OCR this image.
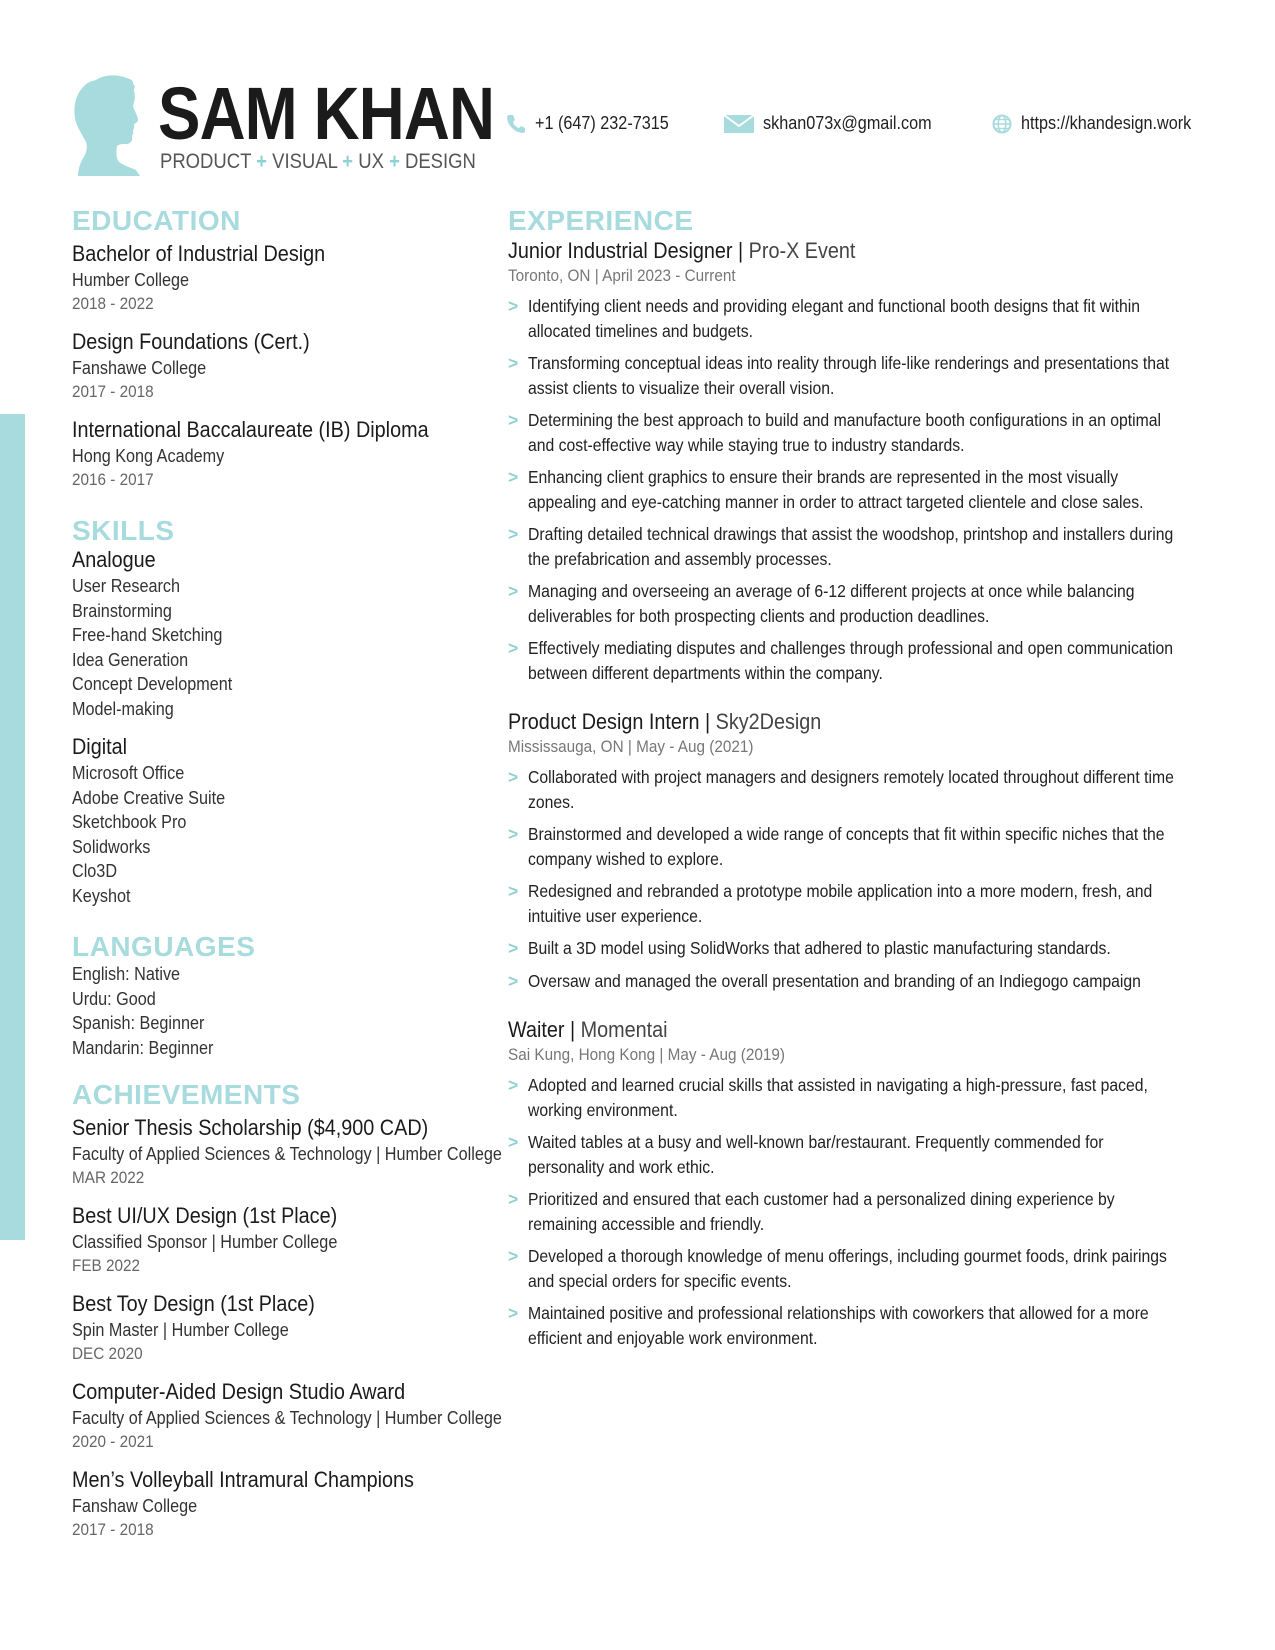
SAM KHAN
PRODUCT + VISUAL + UX + DESIGN
+1 (647) 232-7315	skhan073x@gmail.com	https://khandesign.work
EDUCATION
Bachelor of Industrial Design
Humber College
2018 - 2022
Design Foundations (Cert.)
Fanshawe College
2017 - 2018
International Baccalaureate (IB) Diploma
Hong Kong Academy
2016 - 2017
SKILLS
Analogue
User Research
Brainstorming
Free-hand Sketching
Idea Generation
Concept Development
Model-making
Digital
Microsoft Office
Adobe Creative Suite
Sketchbook Pro
Solidworks
Clo3D
Keyshot
LANGUAGES
English: Native
Urdu: Good
Spanish: Beginner
Mandarin: Beginner
ACHIEVEMENTS
Senior Thesis Scholarship ($4,900 CAD)
Faculty of Applied Sciences & Technology | Humber College
MAR 2022
Best UI/UX Design (1st Place)
Classified Sponsor | Humber College
FEB 2022
Best Toy Design (1st Place)
Spin Master | Humber College
DEC 2020
Computer-Aided Design Studio Award
Faculty of Applied Sciences & Technology | Humber College
2020 - 2021
Men’s Volleyball Intramural Champions
Fanshaw College
2017 - 2018
EXPERIENCE
Junior Industrial Designer | Pro-X Event
Toronto, ON | April 2023 - Current
> Identifying client needs and providing elegant and functional booth designs that fit within allocated timelines and budgets.
> Transforming conceptual ideas into reality through life-like renderings and presentations that assist clients to visualize their overall vision.
> Determining the best approach to build and manufacture booth configurations in an optimal and cost-effective way while staying true to industry standards.
> Enhancing client graphics to ensure their brands are represented in the most visually appealing and eye-catching manner in order to attract targeted clientele and close sales.
> Drafting detailed technical drawings that assist the woodshop, printshop and installers during the prefabrication and assembly processes.
> Managing and overseeing an average of 6-12 different projects at once while balancing deliverables for both prospecting clients and production deadlines.
> Effectively mediating disputes and challenges through professional and open communication between different departments within the company.
Product Design Intern | Sky2Design
Mississauga, ON | May - Aug (2021)
> Collaborated with project managers and designers remotely located throughout different time zones.
> Brainstormed and developed a wide range of concepts that fit within specific niches that the company wished to explore.
> Redesigned and rebranded a prototype mobile application into a more modern, fresh, and intuitive user experience.
> Built a 3D model using SolidWorks that adhered to plastic manufacturing standards.
> Oversaw and managed the overall presentation and branding of an Indiegogo campaign
Waiter | Momentai
Sai Kung, Hong Kong | May - Aug (2019)
> Adopted and learned crucial skills that assisted in navigating a high-pressure, fast paced, working environment.
> Waited tables at a busy and well-known bar/restaurant. Frequently commended for personality and work ethic.
> Prioritized and ensured that each customer had a personalized dining experience by remaining accessible and friendly.
> Developed a thorough knowledge of menu offerings, including gourmet foods, drink pairings and special orders for specific events.
> Maintained positive and professional relationships with coworkers that allowed for a more efficient and enjoyable work environment.
